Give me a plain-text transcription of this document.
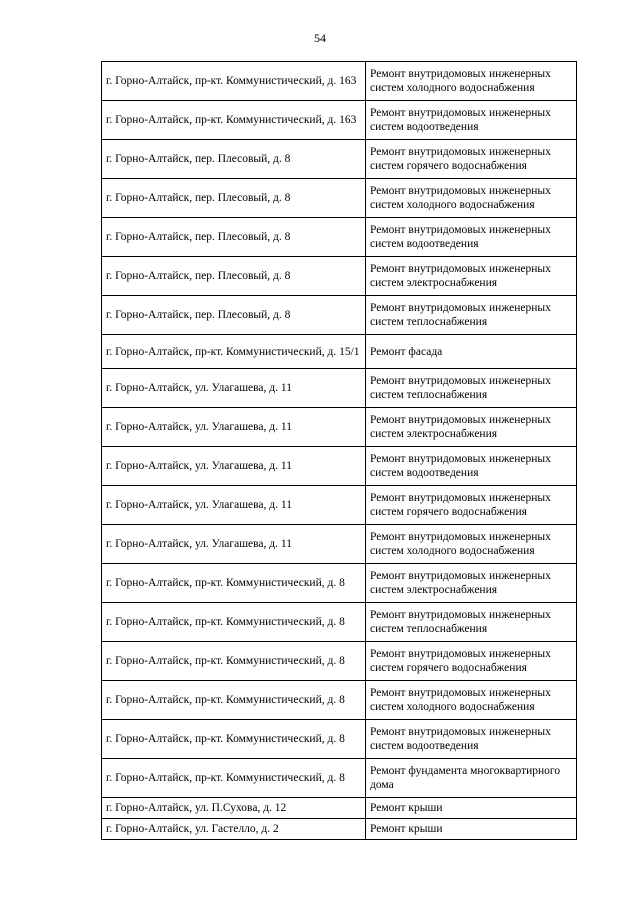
54
г. Горно-Алтайск, пр-кт. Коммунистический, д. 163	Ремонт внутридомовых инженерных систем холодного водоснабжения
г. Горно-Алтайск, пр-кт. Коммунистический, д. 163	Ремонт внутридомовых инженерных систем водоотведения
г. Горно-Алтайск, пер. Плесовый, д. 8	Ремонт внутридомовых инженерных систем горячего водоснабжения
г. Горно-Алтайск, пер. Плесовый, д. 8	Ремонт внутридомовых инженерных систем холодного водоснабжения
г. Горно-Алтайск, пер. Плесовый, д. 8	Ремонт внутридомовых инженерных систем водоотведения
г. Горно-Алтайск, пер. Плесовый, д. 8	Ремонт внутридомовых инженерных систем электроснабжения
г. Горно-Алтайск, пер. Плесовый, д. 8	Ремонт внутридомовых инженерных систем теплоснабжения
г. Горно-Алтайск, пр-кт. Коммунистический, д. 15/1	Ремонт фасада
г. Горно-Алтайск, ул. Улагашева, д. 11	Ремонт внутридомовых инженерных систем теплоснабжения
г. Горно-Алтайск, ул. Улагашева, д. 11	Ремонт внутридомовых инженерных систем электроснабжения
г. Горно-Алтайск, ул. Улагашева, д. 11	Ремонт внутридомовых инженерных систем водоотведения
г. Горно-Алтайск, ул. Улагашева, д. 11	Ремонт внутридомовых инженерных систем горячего водоснабжения
г. Горно-Алтайск, ул. Улагашева, д. 11	Ремонт внутридомовых инженерных систем холодного водоснабжения
г. Горно-Алтайск, пр-кт. Коммунистический, д. 8	Ремонт внутридомовых инженерных систем электроснабжения
г. Горно-Алтайск, пр-кт. Коммунистический, д. 8	Ремонт внутридомовых инженерных систем теплоснабжения
г. Горно-Алтайск, пр-кт. Коммунистический, д. 8	Ремонт внутридомовых инженерных систем горячего водоснабжения
г. Горно-Алтайск, пр-кт. Коммунистический, д. 8	Ремонт внутридомовых инженерных систем холодного водоснабжения
г. Горно-Алтайск, пр-кт. Коммунистический, д. 8	Ремонт внутридомовых инженерных систем водоотведения
г. Горно-Алтайск, пр-кт. Коммунистический, д. 8	Ремонт фундамента многоквартирного дома
г. Горно-Алтайск, ул. П.Сухова, д. 12	Ремонт крыши
г. Горно-Алтайск, ул. Гастелло, д. 2	Ремонт крыши
